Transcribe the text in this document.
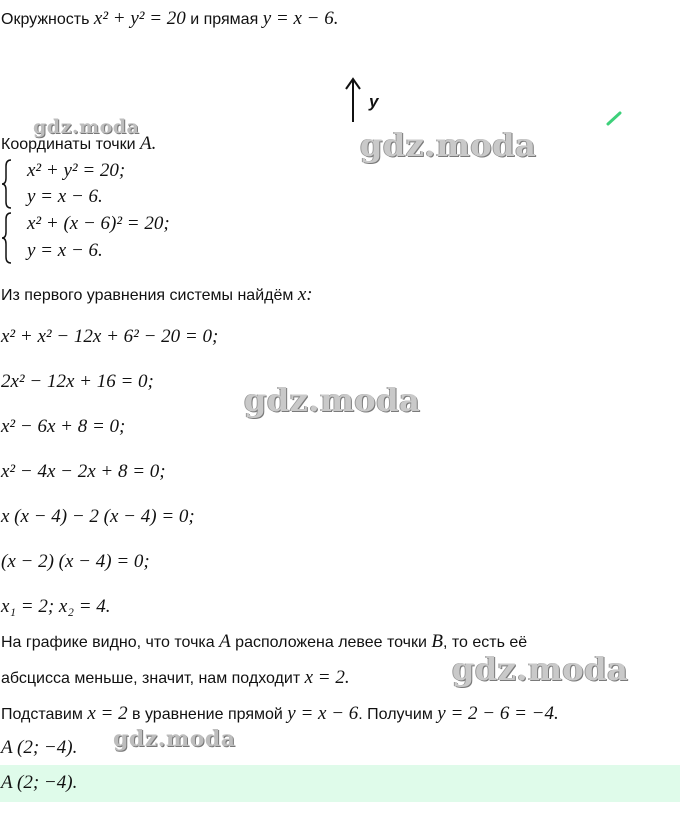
Окружность x² + y² = 20 и прямая y = x − 6.
y
gdz.moda	gdz.moda
gdz.moda
gdz.moda
gdz.moda
Координаты точки A.
x² + y² = 20;
y = x − 6.
x² + (x − 6)² = 20;
y = x − 6.
Из первого уравнения системы найдём x:
x² + x² − 12x + 6² − 20 = 0;
2x² − 12x + 16 = 0;
x² − 6x + 8 = 0;
x² − 4x − 2x + 8 = 0;
x (x − 4) − 2 (x − 4) = 0;
(x − 2) (x − 4) = 0;
x₁ = 2; x₂ = 4.
На графике видно, что точка A расположена левее точки B, то есть её
абсцисса меньше, значит, нам подходит x = 2.
Подставим x = 2 в уравнение прямой y = x − 6. Получим y = 2 − 6 = −4.
A (2; −4).
A (2; −4).
